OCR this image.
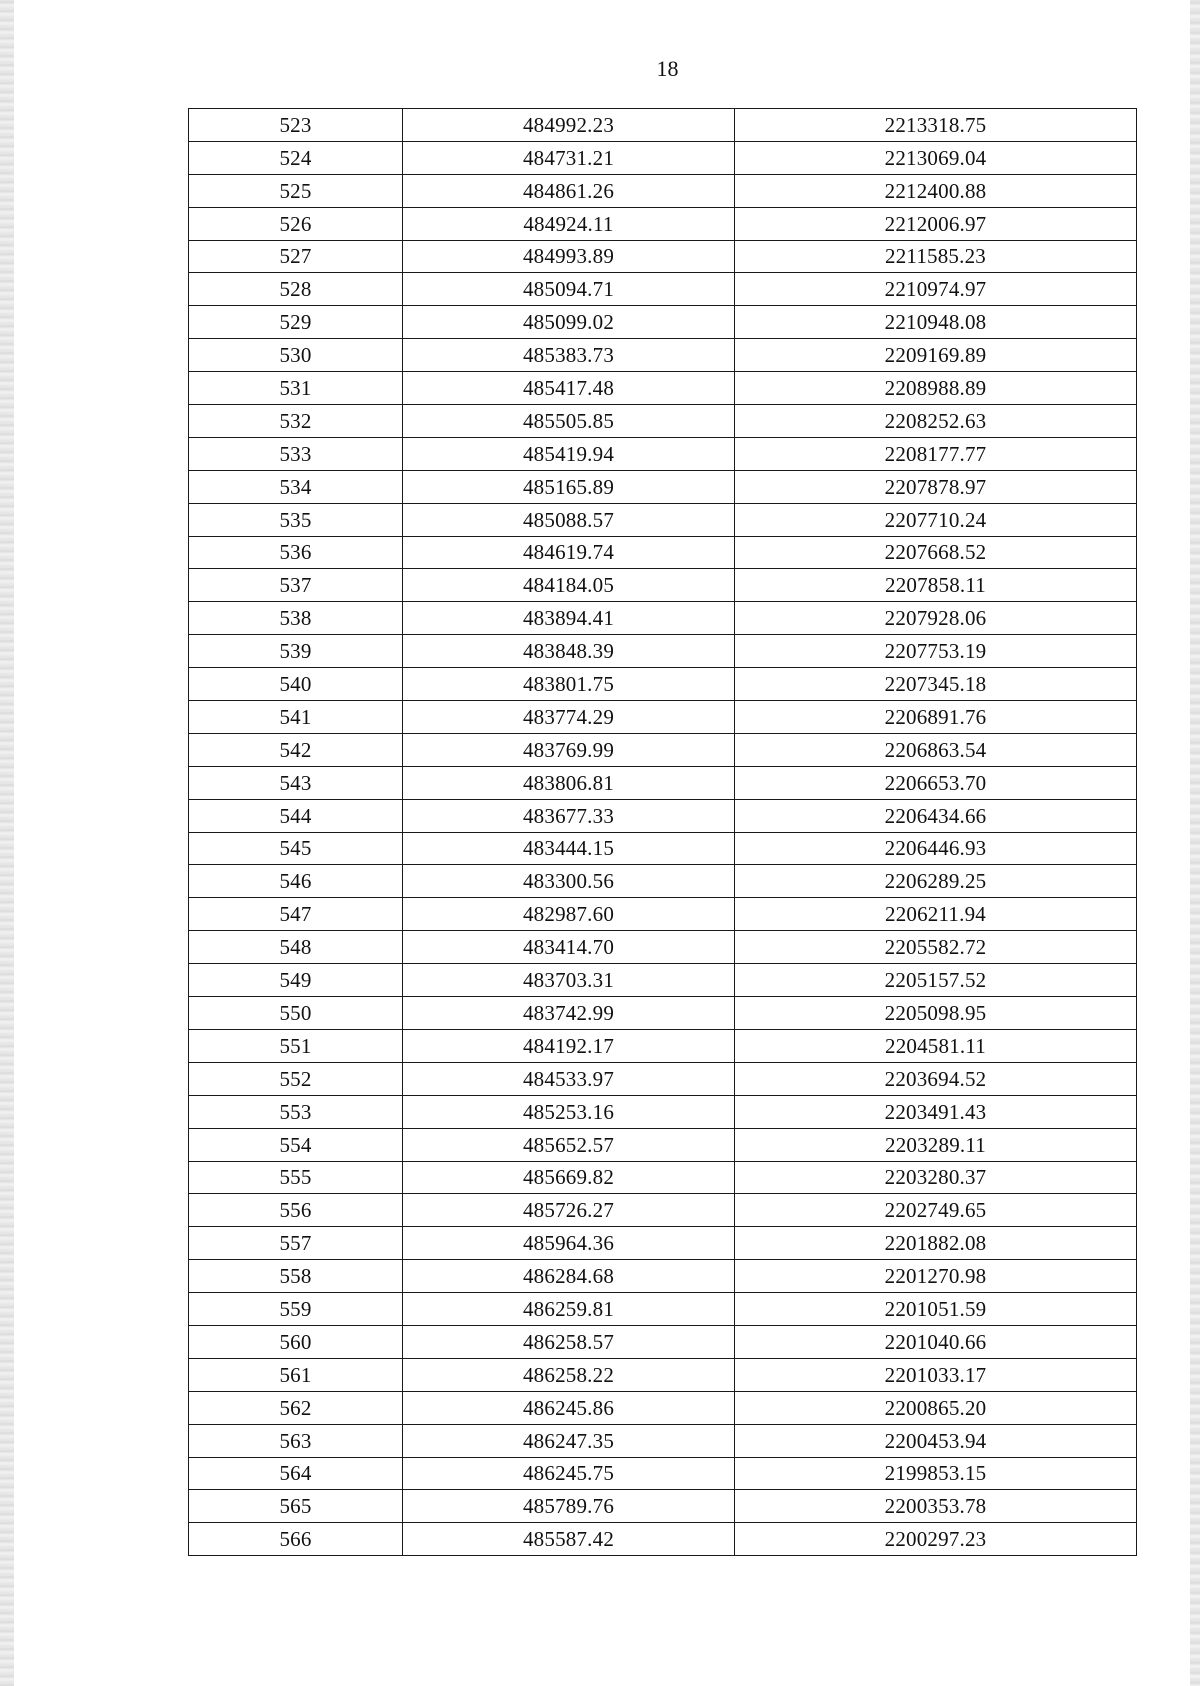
18
523	484992.23	2213318.75
524	484731.21	2213069.04
525	484861.26	2212400.88
526	484924.11	2212006.97
527	484993.89	2211585.23
528	485094.71	2210974.97
529	485099.02	2210948.08
530	485383.73	2209169.89
531	485417.48	2208988.89
532	485505.85	2208252.63
533	485419.94	2208177.77
534	485165.89	2207878.97
535	485088.57	2207710.24
536	484619.74	2207668.52
537	484184.05	2207858.11
538	483894.41	2207928.06
539	483848.39	2207753.19
540	483801.75	2207345.18
541	483774.29	2206891.76
542	483769.99	2206863.54
543	483806.81	2206653.70
544	483677.33	2206434.66
545	483444.15	2206446.93
546	483300.56	2206289.25
547	482987.60	2206211.94
548	483414.70	2205582.72
549	483703.31	2205157.52
550	483742.99	2205098.95
551	484192.17	2204581.11
552	484533.97	2203694.52
553	485253.16	2203491.43
554	485652.57	2203289.11
555	485669.82	2203280.37
556	485726.27	2202749.65
557	485964.36	2201882.08
558	486284.68	2201270.98
559	486259.81	2201051.59
560	486258.57	2201040.66
561	486258.22	2201033.17
562	486245.86	2200865.20
563	486247.35	2200453.94
564	486245.75	2199853.15
565	485789.76	2200353.78
566	485587.42	2200297.23
